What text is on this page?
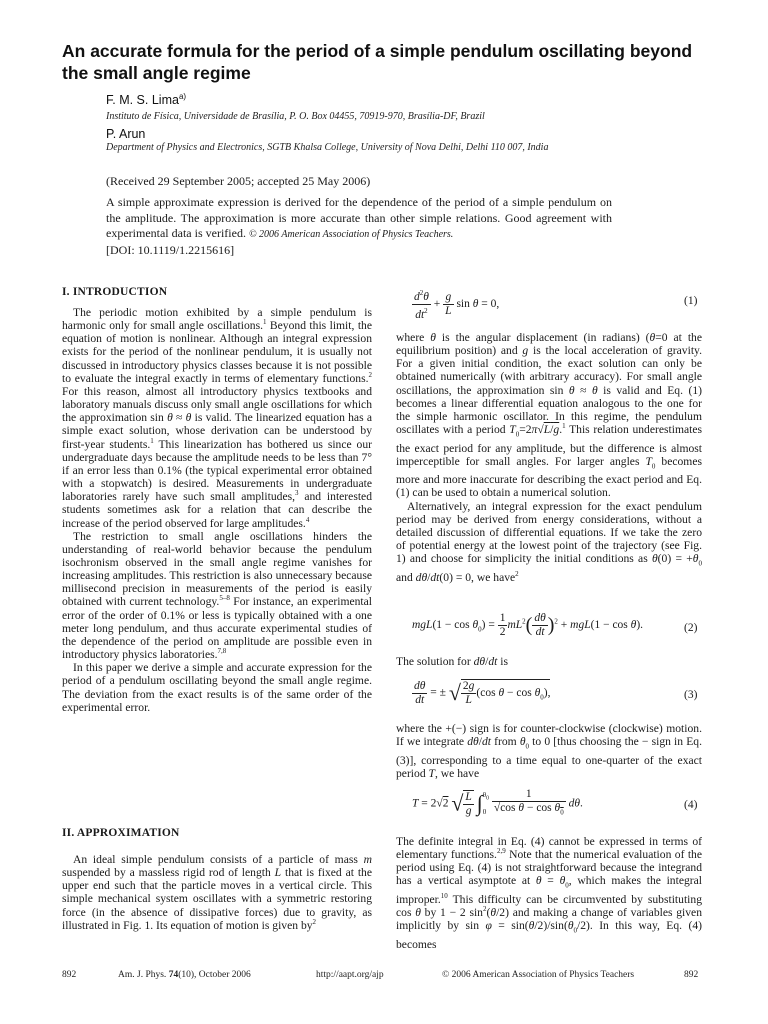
An accurate formula for the period of a simple pendulum oscillating beyond the small angle regime
F. M. S. Lima$^{a)}$
Instituto de Física, Universidade de Brasília, P. O. Box 04455, 70919-970, Brasília-DF, Brazil
P. Arun
Department of Physics and Electronics, SGTB Khalsa College, University of Nova Delhi, Delhi 110 007, India
(Received 29 September 2005; accepted 25 May 2006)
A simple approximate expression is derived for the dependence of the period of a simple pendulum on the amplitude. The approximation is more accurate than other simple relations. Good agreement with experimental data is verified. © 2006 American Association of Physics Teachers.
[DOI: 10.1119/1.2215616]
I. INTRODUCTION

The periodic motion exhibited by a simple pendulum is harmonic only for small angle oscillations.$^1$ Beyond this limit, the equation of motion is nonlinear. Although an integral expression exists for the period of the nonlinear pendulum, it is usually not discussed in introductory physics classes because it is not possible to evaluate the integral exactly in terms of elementary functions.$^2$ For this reason, almost all introductory physics textbooks and laboratory manuals discuss only small angle oscillations for which the approximation sin θ ≈ θ is valid. The linearized equation has a simple exact solution, whose derivation can be understood by first-year students.$^1$ This linearization has bothered us since our undergraduate days because the amplitude needs to be less than 7° if an error less than 0.1% (the typical experimental error obtained with a stopwatch) is desired. Measurements in undergraduate laboratories rarely have such small amplitudes,$^3$ and interested students sometimes ask for a relation that can describe the increase of the period observed for large amplitudes.$^4$

The restriction to small angle oscillations hinders the understanding of real-world behavior because the pendulum isochronism observed in the small angle regime vanishes for increasing amplitudes. This restriction is also unnecessary because millisecond precision in measurements of the period is easily obtained with current technology.$^{5-8}$ For instance, an experimental error of the order of 0.1% or less is typically obtained with a one meter long pendulum, and thus accurate experimental studies of the dependence of the period on amplitude are possible even in introductory physics laboratories.$^{7,8}$

In this paper we derive a simple and accurate expression for the period of a pendulum oscillating beyond the small angle regime. The deviation from the exact results is of the same order of the experimental error.

II. APPROXIMATION

An ideal simple pendulum consists of a particle of mass m suspended by a massless rigid rod of length L that is fixed at the upper end such that the particle moves in a vertical circle. This simple mechanical system oscillates with a symmetric restoring force (in the absence of dissipative forces) due to gravity, as illustrated in Fig. 1. Its equation of motion is given $by^2$

$\frac{d^2\theta}{dt^2} + \frac{g}{L}$ sin θ = 0,	(1)

where θ is the angular displacement (in radians) (θ=0 at the equilibrium position) and g is the local acceleration of gravity. For a given initial condition, the exact solution can only be obtained numerically (with arbitrary accuracy). For small angle oscillations, the approximation sin θ ≈ θ is valid and Eq. (1) becomes a linear differential equation analogous to the one for the simple harmonic oscillator. In this regime, the pendulum oscillates with a period $T_0=2\pi√L/g.^1$ This relation underestimates the exact period for any amplitude, but the difference is almost imperceptible for small angles. For larger angles $T_0$ becomes more and more inaccurate for describing the exact period and Eq. (1) can be used to obtain a numerical solution.

Alternatively, an integral expression for the exact pendulum period may be derived from energy considerations, without a detailed discussion of differential equations. If we take the zero of potential energy at the lowest point of the trajectory (see Fig. 1) and choose for simplicity the initial conditions as $\theta(0) = +\theta_0$ and dθ/dt(0) = 0, we have$^2$

$mgL(1 - \cos \theta_0) = \frac{1}{2} mL^2( \frac{d\theta}{dt} )^2 + mgL(1 - \cos \theta)$.	(2)

The solution for dθ/dt is

$\frac{d\theta}{dt}$ = ± √ $\frac{2g}{L} (\cos$ $\theta - \cos \theta_0$),	(3)

where the +(−) sign is for counter-clockwise (clockwise) motion. If we integrate dθ/dt from $\theta_0$ to 0 [thus choosing the − sign in Eq. (3)], corresponding to a time equal to one-quarter of the exact period T, we have

T = 2√2 √ $\frac{L}{g} \int\theta_0$
$0 \frac{1}{√\cos \theta - \cos \theta_0} d\theta$.	(4)

The definite integral in Eq. (4) cannot be expressed in terms of elementary functions.$^{2,9}$ Note that the numerical evaluation of the period using Eq. (4) is not straightforward because the integrand has a vertical asymptote at $\theta = \theta_0$, which makes the integral improper.$^{10}$ This difficulty can be circumvented by substituting cos θ by 1 − 2 $\sin^2(\theta/2)$ and making a change of variables given implicitly by $\sin \varphi = \sin(\theta/2)/\sin(\theta_0/2)$. In this way, Eq. (4) becomes

892	Am. J. Phys. 74(10), October 2006	http://aapt.org/ajp	© 2006 American Association of Physics Teachers	892
